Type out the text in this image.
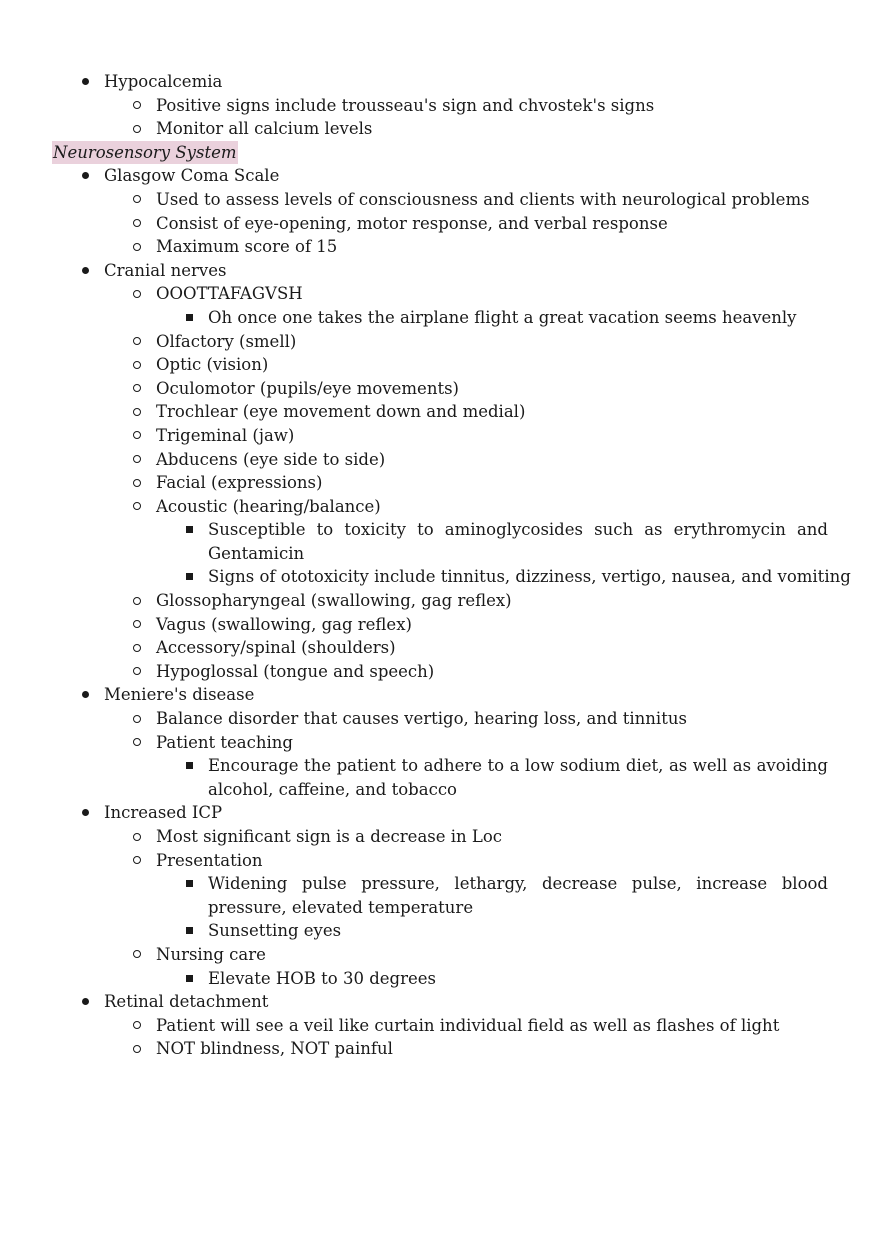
Hypocalcemia
Positive signs include trousseau's sign and chvostek's signs
Monitor all calcium levels
Neurosensory System
Glasgow Coma Scale
Used to assess levels of consciousness and clients with neurological problems
Consist of eye-opening, motor response, and verbal response
Maximum score of 15
Cranial nerves
OOOTTAFAGVSH
Oh once one takes the airplane flight a great vacation seems heavenly
Olfactory (smell)
Optic (vision)
Oculomotor (pupils/eye movements)
Trochlear (eye movement down and medial)
Trigeminal (jaw)
Abducens (eye side to side)
Facial (expressions)
Acoustic (hearing/balance)
Susceptible to toxicity to aminoglycosides such as erythromycin and Gentamicin
Signs of ototoxicity include tinnitus, dizziness, vertigo, nausea, and vomiting
Glossopharyngeal (swallowing, gag reflex)
Vagus (swallowing, gag reflex)
Accessory/spinal (shoulders)
Hypoglossal (tongue and speech)
Meniere's disease
Balance disorder that causes vertigo, hearing loss, and tinnitus
Patient teaching
Encourage the patient to adhere to a low sodium diet, as well as avoiding alcohol, caffeine, and tobacco
Increased ICP
Most significant sign is a decrease in Loc
Presentation
Widening pulse pressure, lethargy, decrease pulse, increase blood pressure, elevated temperature
Sunsetting eyes
Nursing care
Elevate HOB to 30 degrees
Retinal detachment
Patient will see a veil like curtain individual field as well as flashes of light
NOT blindness, NOT painful
